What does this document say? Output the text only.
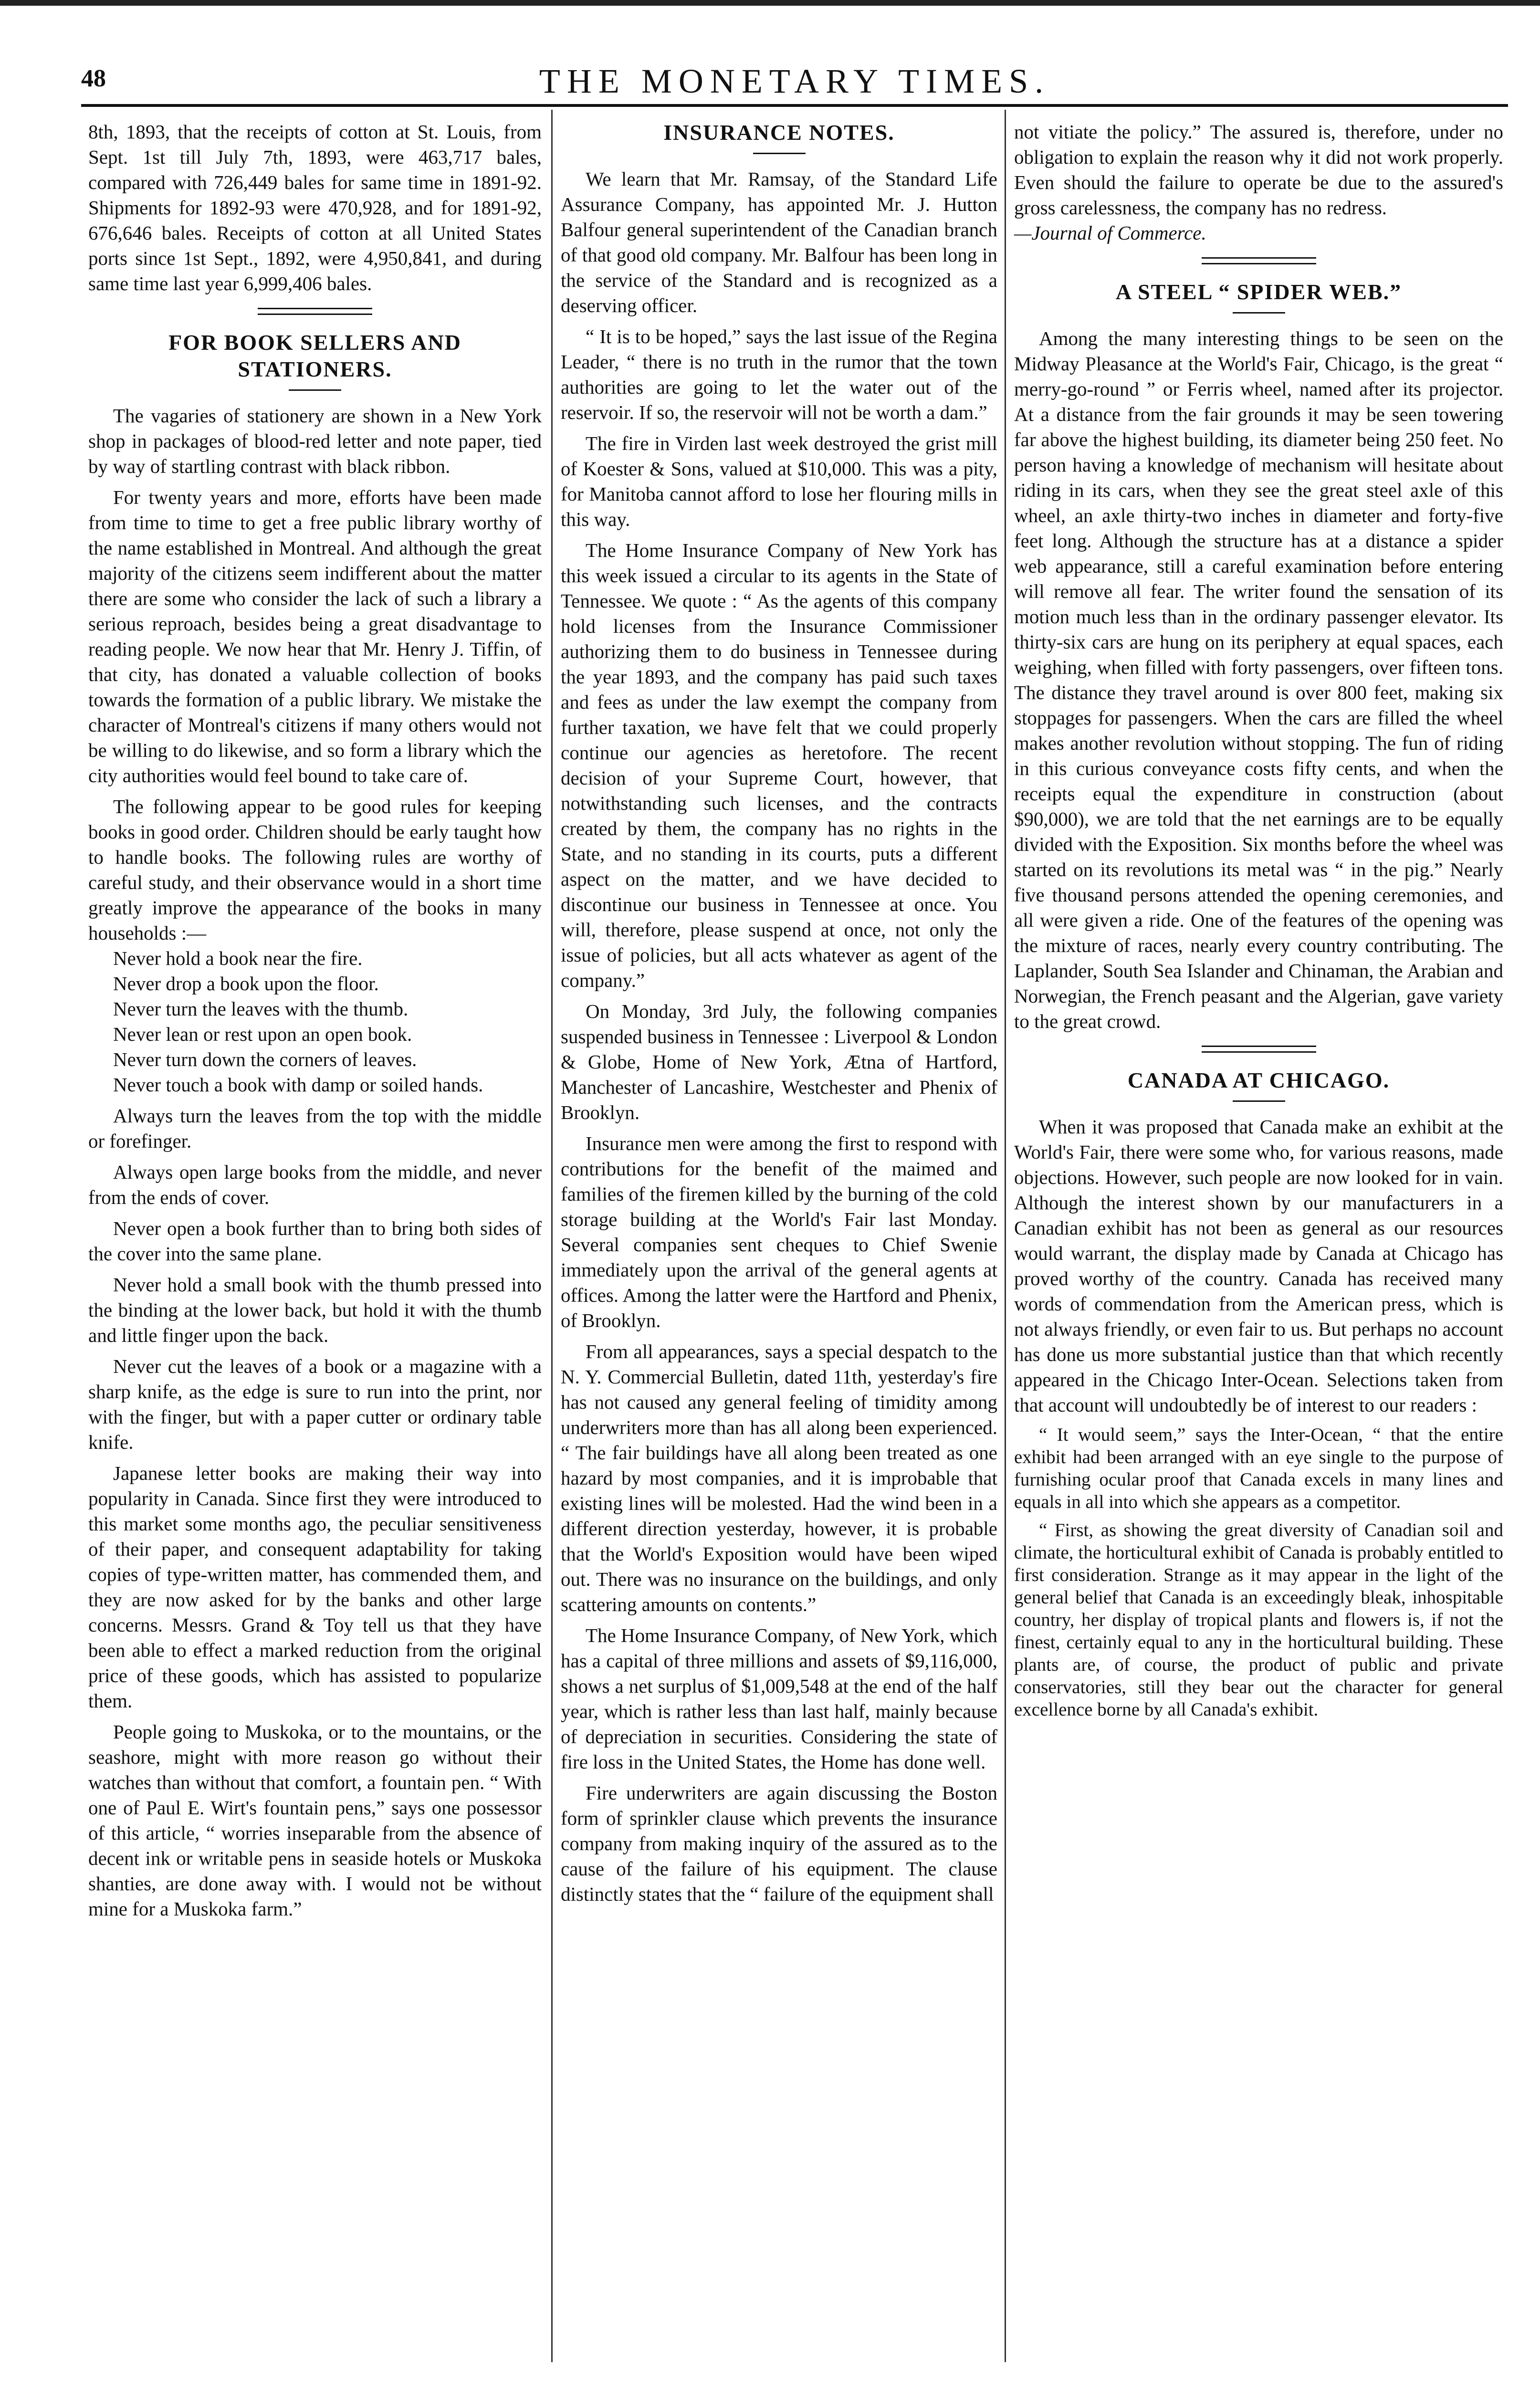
48	THE MONETARY TIMES.

8th, 1893, that the receipts of cotton at St. Louis, from Sept. 1st till July 7th, 1893, were 463,717 bales, compared with 726,449 bales for same time in 1891-92. Shipments for 1892-93 were 470,928, and for 1891-92, 676,646 bales. Receipts of cotton at all United States ports since 1st Sept., 1892, were 4,950,841, and during same time last year 6,999,406 bales.

FOR BOOK SELLERS AND STATIONERS.

The vagaries of stationery are shown in a New York shop in packages of blood-red letter and note paper, tied by way of startling contrast with black ribbon.

For twenty years and more, efforts have been made from time to time to get a free public library worthy of the name established in Montreal. And although the great majority of the citizens seem indifferent about the matter there are some who consider the lack of such a library a serious reproach, besides being a great disadvantage to reading people. We now hear that Mr. Henry J. Tiffin, of that city, has donated a valuable collection of books towards the formation of a public library. We mistake the character of Montreal's citizens if many others would not be willing to do likewise, and so form a library which the city authorities would feel bound to take care of.

The following appear to be good rules for keeping books in good order. Children should be early taught how to handle books. The following rules are worthy of careful study, and their observance would in a short time greatly improve the appearance of the books in many households :—

Never hold a book near the fire.

Never drop a book upon the floor.

Never turn the leaves with the thumb.

Never lean or rest upon an open book.

Never turn down the corners of leaves.

Never touch a book with damp or soiled hands.

Always turn the leaves from the top with the middle or forefinger.

Always open large books from the middle, and never from the ends of cover.

Never open a book further than to bring both sides of the cover into the same plane.

Never hold a small book with the thumb pressed into the binding at the lower back, but hold it with the thumb and little finger upon the back.

Never cut the leaves of a book or a magazine with a sharp knife, as the edge is sure to run into the print, nor with the finger, but with a paper cutter or ordinary table knife.

Japanese letter books are making their way into popularity in Canada. Since first they were introduced to this market some months ago, the peculiar sensitiveness of their paper, and consequent adaptability for taking copies of type-written matter, has commended them, and they are now asked for by the banks and other large concerns. Messrs. Grand & Toy tell us that they have been able to effect a marked reduction from the original price of these goods, which has assisted to popularize them.

People going to Muskoka, or to the mountains, or the seashore, might with more reason go without their watches than without that comfort, a fountain pen. “ With one of Paul E. Wirt's fountain pens,” says one possessor of this article, “ worries inseparable from the absence of decent ink or writable pens in seaside hotels or Muskoka shanties, are done away with. I would not be without mine for a Muskoka farm.”

INSURANCE NOTES.

We learn that Mr. Ramsay, of the Standard Life Assurance Company, has appointed Mr. J. Hutton Balfour general superintendent of the Canadian branch of that good old company. Mr. Balfour has been long in the service of the Standard and is recognized as a deserving officer.

“ It is to be hoped,” says the last issue of the Regina Leader, “ there is no truth in the rumor that the town authorities are going to let the water out of the reservoir. If so, the reservoir will not be worth a dam.”

The fire in Virden last week destroyed the grist mill of Koester & Sons, valued at $10,000. This was a pity, for Manitoba cannot afford to lose her flouring mills in this way.

The Home Insurance Company of New York has this week issued a circular to its agents in the State of Tennessee. We quote : “ As the agents of this company hold licenses from the Insurance Commissioner authorizing them to do business in Tennessee during the year 1893, and the company has paid such taxes and fees as under the law exempt the company from further taxation, we have felt that we could properly continue our agencies as heretofore. The recent decision of your Supreme Court, however, that notwithstanding such licenses, and the contracts created by them, the company has no rights in the State, and no standing in its courts, puts a different aspect on the matter, and we have decided to discontinue our business in Tennessee at once. You will, therefore, please suspend at once, not only the issue of policies, but all acts whatever as agent of the company.”

On Monday, 3rd July, the following companies suspended business in Tennessee : Liverpool & London & Globe, Home of New York, Ætna of Hartford, Manchester of Lancashire, Westchester and Phenix of Brooklyn.

Insurance men were among the first to respond with contributions for the benefit of the maimed and families of the firemen killed by the burning of the cold storage building at the World's Fair last Monday. Several companies sent cheques to Chief Swenie immediately upon the arrival of the general agents at offices. Among the latter were the Hartford and Phenix, of Brooklyn.

From all appearances, says a special despatch to the N. Y. Commercial Bulletin, dated 11th, yesterday's fire has not caused any general feeling of timidity among underwriters more than has all along been experienced. “ The fair buildings have all along been treated as one hazard by most companies, and it is improbable that existing lines will be molested. Had the wind been in a different direction yesterday, however, it is probable that the World's Exposition would have been wiped out. There was no insurance on the buildings, and only scattering amounts on contents.”

The Home Insurance Company, of New York, which has a capital of three millions and assets of $9,116,000, shows a net surplus of $1,009,548 at the end of the half year, which is rather less than last half, mainly because of depreciation in securities. Considering the state of fire loss in the United States, the Home has done well.

Fire underwriters are again discussing the Boston form of sprinkler clause which prevents the insurance company from making inquiry of the assured as to the cause of the failure of his equipment. The clause distinctly states that the “ failure of the equipment shall

not vitiate the policy.” The assured is, therefore, under no obligation to explain the reason why it did not work properly. Even should the failure to operate be due to the assured's gross carelessness, the company has no redress.

—Journal of Commerce.

A STEEL “ SPIDER WEB.”

Among the many interesting things to be seen on the Midway Pleasance at the World's Fair, Chicago, is the great “ merry-go-round ” or Ferris wheel, named after its projector. At a distance from the fair grounds it may be seen towering far above the highest building, its diameter being 250 feet. No person having a knowledge of mechanism will hesitate about riding in its cars, when they see the great steel axle of this wheel, an axle thirty-two inches in diameter and forty-five feet long. Although the structure has at a distance a spider web appearance, still a careful examination before entering will remove all fear. The writer found the sensation of its motion much less than in the ordinary passenger elevator. Its thirty-six cars are hung on its periphery at equal spaces, each weighing, when filled with forty passengers, over fifteen tons. The distance they travel around is over 800 feet, making six stoppages for passengers. When the cars are filled the wheel makes another revolution without stopping. The fun of riding in this curious conveyance costs fifty cents, and when the receipts equal the expenditure in construction (about $90,000), we are told that the net earnings are to be equally divided with the Exposition. Six months before the wheel was started on its revolutions its metal was “ in the pig.” Nearly five thousand persons attended the opening ceremonies, and all were given a ride. One of the features of the opening was the mixture of races, nearly every country contributing. The Laplander, South Sea Islander and Chinaman, the Arabian and Norwegian, the French peasant and the Algerian, gave variety to the great crowd.

CANADA AT CHICAGO.

When it was proposed that Canada make an exhibit at the World's Fair, there were some who, for various reasons, made objections. However, such people are now looked for in vain. Although the interest shown by our manufacturers in a Canadian exhibit has not been as general as our resources would warrant, the display made by Canada at Chicago has proved worthy of the country. Canada has received many words of commendation from the American press, which is not always friendly, or even fair to us. But perhaps no account has done us more substantial justice than that which recently appeared in the Chicago Inter-Ocean. Selections taken from that account will undoubtedly be of interest to our readers :

“ It would seem,” says the Inter-Ocean, “ that the entire exhibit had been arranged with an eye single to the purpose of furnishing ocular proof that Canada excels in many lines and equals in all into which she appears as a competitor.

“ First, as showing the great diversity of Canadian soil and climate, the horticultural exhibit of Canada is probably entitled to first consideration. Strange as it may appear in the light of the general belief that Canada is an exceedingly bleak, inhospitable country, her display of tropical plants and flowers is, if not the finest, certainly equal to any in the horticultural building. These plants are, of course, the product of public and private conservatories, still they bear out the character for general excellence borne by all Canada's exhibit.
